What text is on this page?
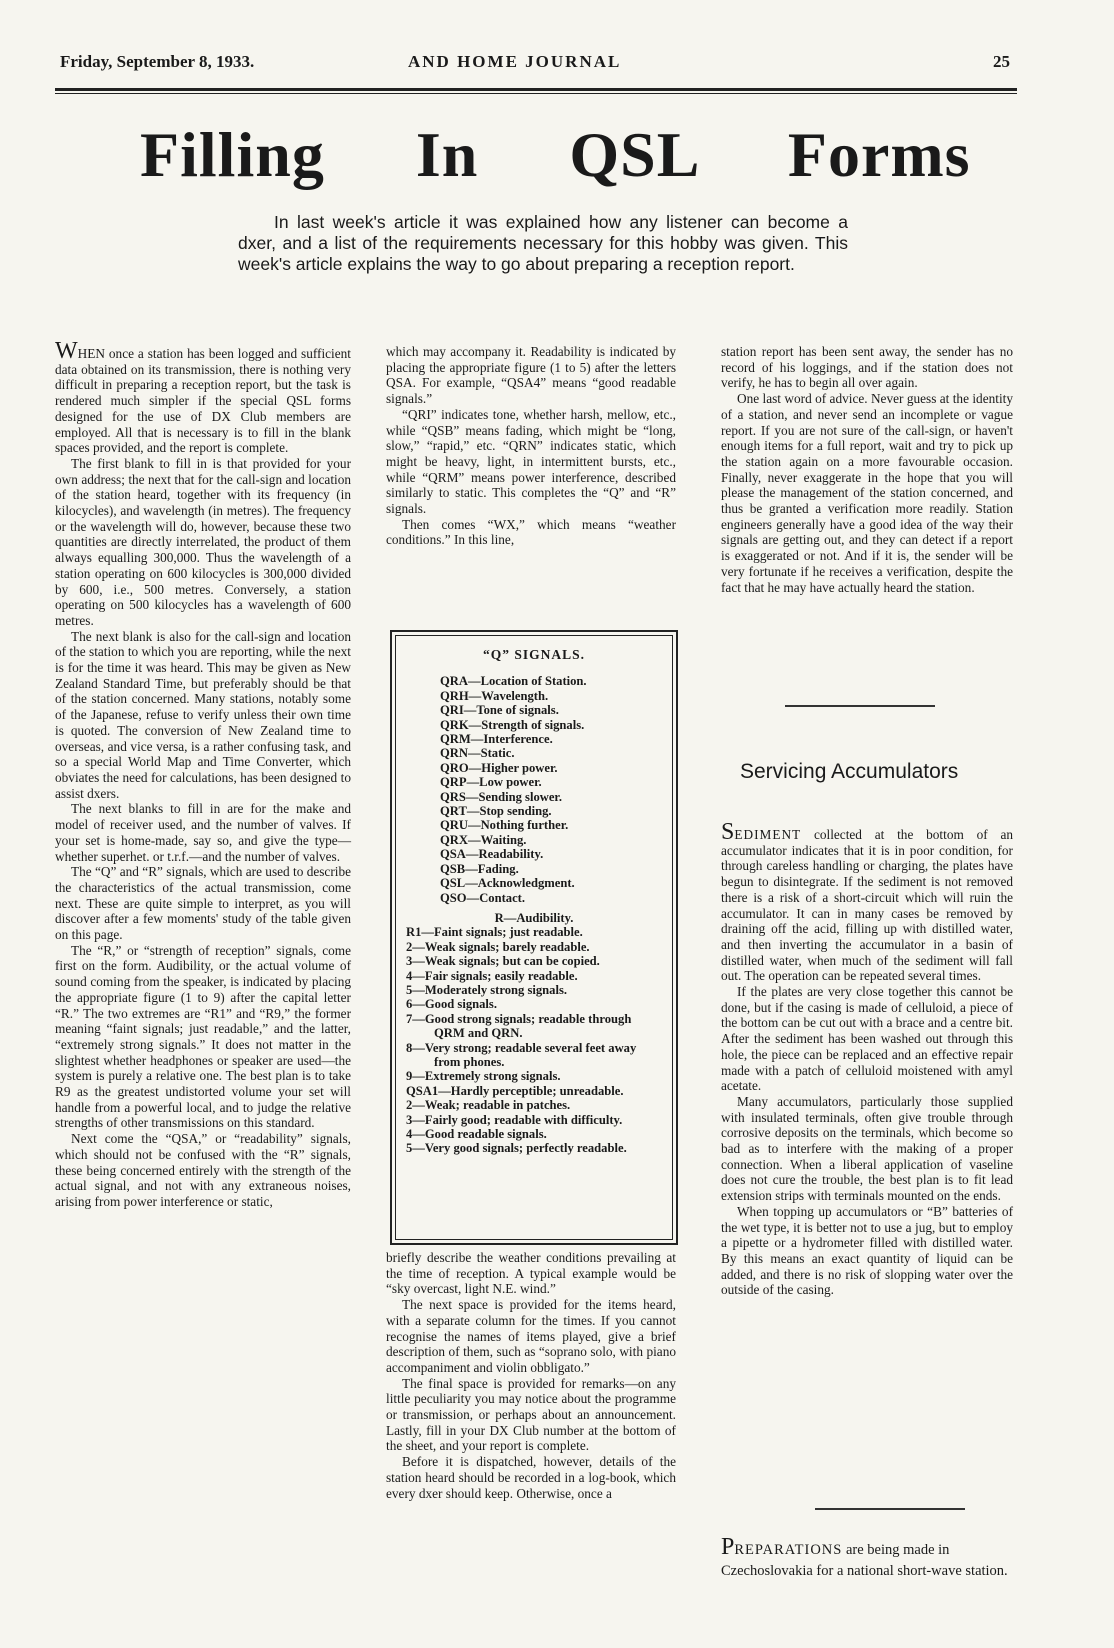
Friday, September 8, 1933.	AND HOME JOURNAL	25
Filling In QSL Forms
In last week's article it was explained how any listener can become a dxer, and a list of the requirements necessary for this hobby was given. This week's article explains the way to go about preparing a reception report.

WHEN once a station has been logged and sufficient data obtained on its transmission, there is nothing very difficult in preparing a reception report, but the task is rendered much simpler if the special QSL forms designed for the use of DX Club members are employed. All that is necessary is to fill in the blank spaces provided, and the report is complete.

The first blank to fill in is that provided for your own address; the next that for the call-sign and location of the station heard, together with its frequency (in kilocycles), and wavelength (in metres). The frequency or the wavelength will do, however, because these two quantities are directly interrelated, the product of them always equalling 300,000. Thus the wavelength of a station operating on 600 kilocycles is 300,000 divided by 600, i.e., 500 metres. Conversely, a station operating on 500 kilocycles has a wavelength of 600 metres.

The next blank is also for the call-sign and location of the station to which you are reporting, while the next is for the time it was heard. This may be given as New Zealand Standard Time, but preferably should be that of the station concerned. Many stations, notably some of the Japanese, refuse to verify unless their own time is quoted. The conversion of New Zealand time to overseas, and vice versa, is a rather confusing task, and so a special World Map and Time Converter, which obviates the need for calculations, has been designed to assist dxers.

The next blanks to fill in are for the make and model of receiver used, and the number of valves. If your set is home-made, say so, and give the type—whether superhet. or t.r.f.—and the number of valves.

The “Q” and “R” signals, which are used to describe the characteristics of the actual transmission, come next. These are quite simple to interpret, as you will discover after a few moments' study of the table given on this page.

The “R,” or “strength of reception” signals, come first on the form. Audibility, or the actual volume of sound coming from the speaker, is indicated by placing the appropriate figure (1 to 9) after the capital letter “R.” The two extremes are “R1” and “R9,” the former meaning “faint signals; just readable,” and the latter, “extremely strong signals.” It does not matter in the slightest whether headphones or speaker are used—the system is purely a relative one. The best plan is to take R9 as the greatest undistorted volume your set will handle from a powerful local, and to judge the relative strengths of other transmissions on this standard.

Next come the “QSA,” or “readability” signals, which should not be confused with the “R” signals, these being concerned entirely with the strength of the actual signal, and not with any extraneous noises, arising from power interference or static,

which may accompany it. Readability is indicated by placing the appropriate figure (1 to 5) after the letters QSA. For example, “QSA4” means “good readable signals.”

“QRI” indicates tone, whether harsh, mellow, etc., while “QSB” means fading, which might be “long, slow,” “rapid,” etc. “QRN” indicates static, which might be heavy, light, in intermittent bursts, etc., while “QRM” means power interference, described similarly to static. This completes the “Q” and “R” signals.

Then comes “WX,” which means “weather conditions.” In this line,

“Q” SIGNALS.
QRA—Location of Station.
QRH—Wavelength.
QRI—Tone of signals.
QRK—Strength of signals.
QRM—Interference.
QRN—Static.
QRO—Higher power.
QRP—Low power.
QRS—Sending slower.
QRT—Stop sending.
QRU—Nothing further.
QRX—Waiting.
QSA—Readability.
QSB—Fading.
QSL—Acknowledgment.
QSO—Contact.
R—Audibility.
R1—Faint signals; just readable.
2—Weak signals; barely readable.
3—Weak signals; but can be copied.
4—Fair signals; easily readable.
5—Moderately strong signals.
6—Good signals.
7—Good strong signals; readable through QRM and QRN.
8—Very strong; readable several feet away from phones.
9—Extremely strong signals.
QSA1—Hardly perceptible; unreadable.
2—Weak; readable in patches.
3—Fairly good; readable with difficulty.
4—Good readable signals.
5—Very good signals; perfectly readable.

briefly describe the weather conditions prevailing at the time of reception. A typical example would be “sky overcast, light N.E. wind.”

The next space is provided for the items heard, with a separate column for the times. If you cannot recognise the names of items played, give a brief description of them, such as “soprano solo, with piano accompaniment and violin obbligato.”

The final space is provided for remarks—on any little peculiarity you may notice about the programme or transmission, or perhaps about an announcement. Lastly, fill in your DX Club number at the bottom of the sheet, and your report is complete.

Before it is dispatched, however, details of the station heard should be recorded in a log-book, which every dxer should keep. Otherwise, once a

station report has been sent away, the sender has no record of his loggings, and if the station does not verify, he has to begin all over again.

One last word of advice. Never guess at the identity of a station, and never send an incomplete or vague report. If you are not sure of the call-sign, or haven't enough items for a full report, wait and try to pick up the station again on a more favourable occasion. Finally, never exaggerate in the hope that you will please the management of the station concerned, and thus be granted a verification more readily. Station engineers generally have a good idea of the way their signals are getting out, and they can detect if a report is exaggerated or not. And if it is, the sender will be very fortunate if he receives a verification, despite the fact that he may have actually heard the station.

Servicing Accumulators

SEDIMENT collected at the bottom of an accumulator indicates that it is in poor condition, for through careless handling or charging, the plates have begun to disintegrate. If the sediment is not removed there is a risk of a short-circuit which will ruin the accumulator. It can in many cases be removed by draining off the acid, filling up with distilled water, and then inverting the accumulator in a basin of distilled water, when much of the sediment will fall out. The operation can be repeated several times.

If the plates are very close together this cannot be done, but if the casing is made of celluloid, a piece of the bottom can be cut out with a brace and a centre bit. After the sediment has been washed out through this hole, the piece can be replaced and an effective repair made with a patch of celluloid moistened with amyl acetate.

Many accumulators, particularly those supplied with insulated terminals, often give trouble through corrosive deposits on the terminals, which become so bad as to interfere with the making of a proper connection. When a liberal application of vaseline does not cure the trouble, the best plan is to fit lead extension strips with terminals mounted on the ends.

When topping up accumulators or “B” batteries of the wet type, it is better not to use a jug, but to employ a pipette or a hydrometer filled with distilled water. By this means an exact quantity of liquid can be added, and there is no risk of slopping water over the outside of the casing.

PREPARATIONS are being made in Czechoslovakia for a national short-wave station.
